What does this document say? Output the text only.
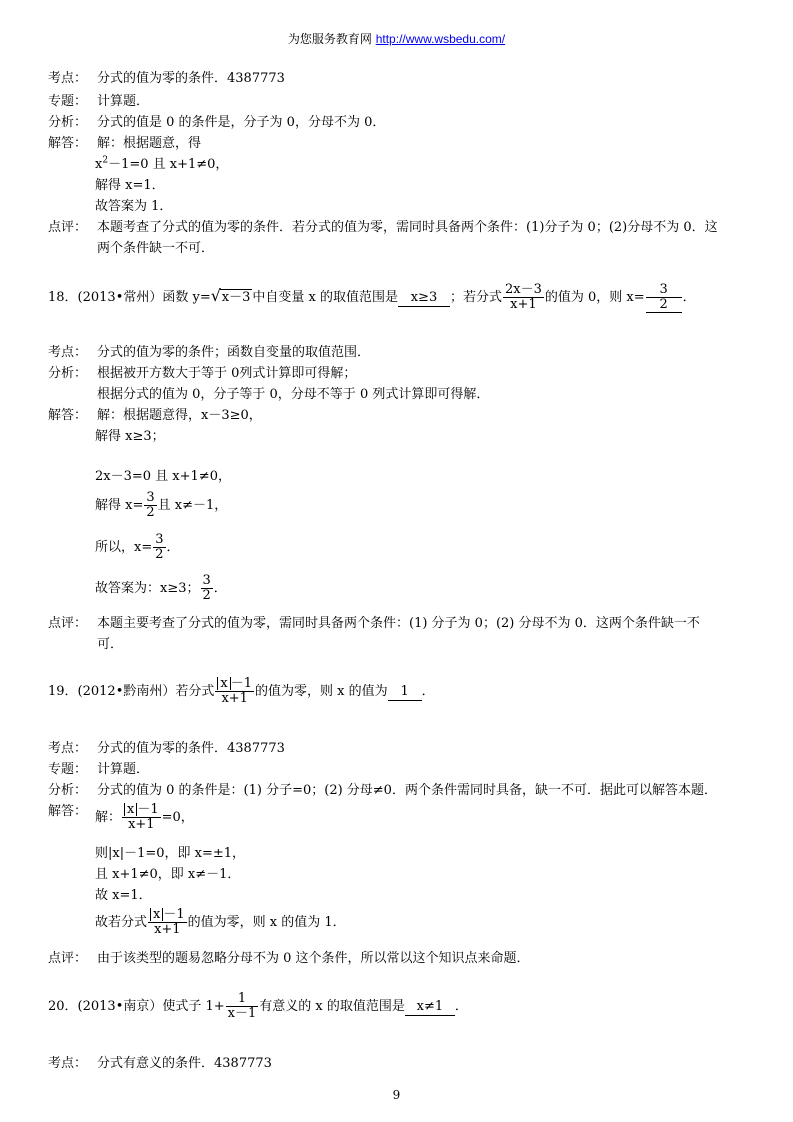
为您服务教育网 http://www.wsbedu.com/
考点： 分式的值为零的条件．4387773
专题： 计算题．
分析： 分式的值是 0 的条件是，分子为 0，分母不为 0．
解答： 解：根据题意，得
$x^2-1=0$ 且 x+1≠0，
解得 x=1．
故答案为 1．
点评： 本题考查了分式的值为零的条件．若分式的值为零，需同时具备两个条件：(1)分子为 0；(2)分母不为 0．这
两个条件缺一不可．
18．(2013•常州）函数 y= √ x－3 中自变量 x 的取值范围是 x≥3 ；若分式 $\frac{2x-3}{x+1}$ 的值为 0，则 $x= \frac{3}{2}$ ．
考点： 分式的值为零的条件；函数自变量的取值范围．
分析： 根据被开方数大于等于 0列式计算即可得解；
根据分式的值为 0，分子等于 0，分母不等于 0 列式计算即可得解．
解答： 解：根据题意得，x－3≥0，
解得 x≥3；
2x－3=0 且 x+1≠0，
解得 $x= \frac{3}{2}$ 且 x≠－1，
所以，$x= \frac{3}{2}$ ．
故答案为：x≥3； $\frac{3}{2}$ ．
点评： 本题主要考查了分式的值为零，需同时具备两个条件：(1) 分子为 0；(2) 分母不为 0．这两个条件缺一不
可．
19．(2012•黔南州）若分式 $\frac{x -1}{x+1}$ 的值为零，则 x 的值为 1 ．
考点： 分式的值为零的条件．4387773
专题： 计算题．
分析： 分式的值为 0 的条件是：(1) 分子=0；(2) 分母≠0．两个条件需同时具备，缺一不可．据此可以解答本题．
解答： 解： $\frac{x -1}{x+1} =0$，
则|x|－1=0，即 x=±1，
且 x+1≠0，即 x≠－1．
故 x=1．
故若分式 $\frac{x -1}{x+1}$ 的值为零，则 x 的值为 1．
点评： 由于该类型的题易忽略分母不为 0 这个条件，所以常以这个知识点来命题．
20．(2013•南京）使式子 $1+ \frac{1}{x-1}$ 有意义的 x 的取值范围是 x≠1 ．
考点： 分式有意义的条件．4387773
9
